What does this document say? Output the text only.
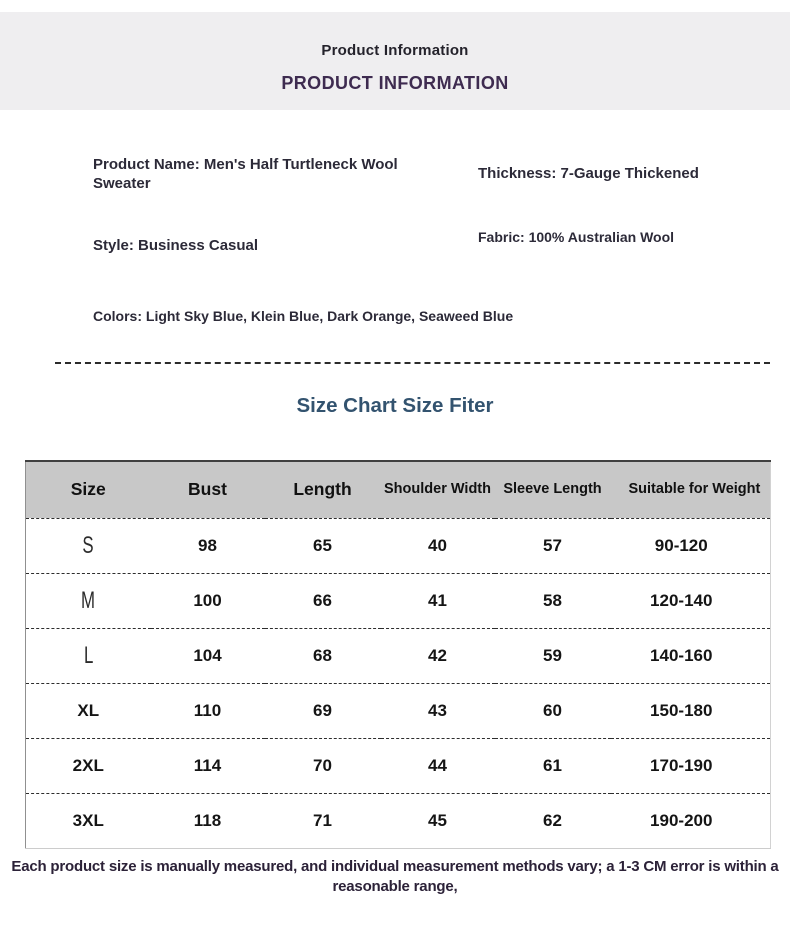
Product Information
PRODUCT INFORMATION
Product Name: Men's Half Turtleneck Wool Sweater
Thickness: 7-Gauge Thickened
Style: Business Casual	Fabric: 100% Australian Wool
Colors: Light Sky Blue, Klein Blue, Dark Orange, Seaweed Blue
Size Chart Size Fiter
Size	Bust	Length	Shoulder Width	Sleeve Length	Suitable for Weight
S	98	65	40	57	90-120
M	100	66	41	58	120-140
L	104	68	42	59	140-160
XL	110	69	43	60	150-180
2XL	114	70	44	61	170-190
3XL	118	71	45	62	190-200

Each product size is manually measured, and individual measurement methods vary; a 1-3 CM error is within a reasonable range,
